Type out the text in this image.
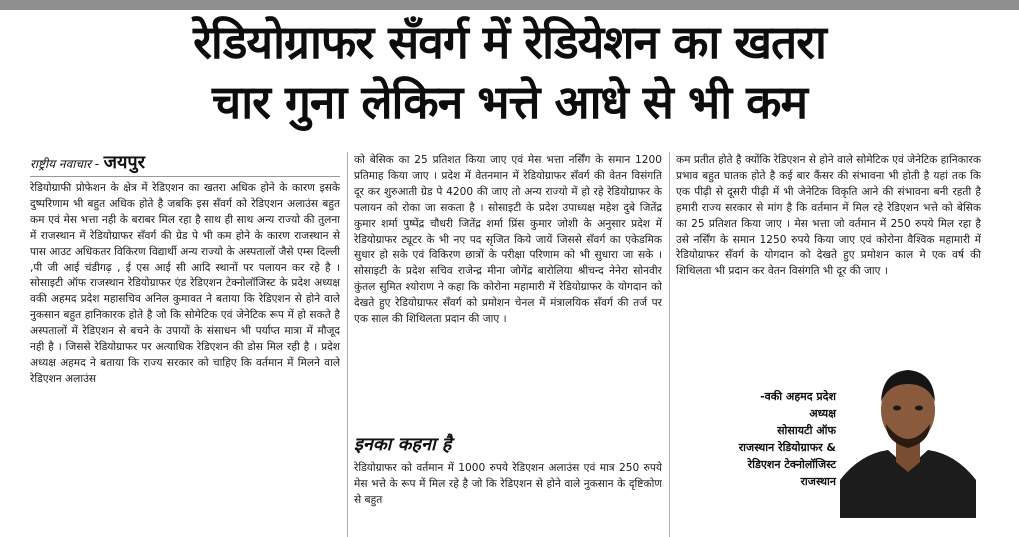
रेडियोग्राफर सँवर्ग में रेडियेशन का खतरा
चार गुना लेकिन भत्ते आधे से भी कम
राष्ट्रीय नवाचार - जयपुर
रेडियोग्राफी प्रोफेशन के क्षेत्र में रेडिएशन का खतरा अधिक होने के कारण इसके दुष्परिणाम भी बहुत अधिक होते है जबकि इस सँवर्ग को रेडिएशन अलाउंस बहुत कम एवं मेस भत्ता नही के बराबर मिल रहा है साथ ही साथ अन्य राज्यो की तुलना में राजस्थान में रेडियोग्राफर सँवर्ग की ग्रेड पे भी कम होने के कारण राजस्थान से पास आउट अधिकतर विकिरण विद्यार्थी अन्य राज्यो के अस्पतालों जैसे एम्स दिल्ली ,पी जी आई चंडीगढ़ , ई एस आई सी आदि स्थानों पर पलायन कर रहे है । सोसाइटी ऑफ राजस्थान रेडियोग्राफर एंड रेडिएशन टेक्नोलॉजिस्ट के प्रदेश अध्यक्ष वकी अहमद प्रदेश महासचिव अनिल कुमावत ने बताया कि रेडिएशन से होने वाले नुकसान बहुत हानिकारक होते है जो कि सोमेटिक एवं जेनेटिक रूप में हो सकते है अस्पतालों में रेडिएशन से बचने के उपायों के संसाधन भी पर्याप्त मात्रा में मौजूद नही है । जिससे रेडियोग्राफर पर अत्याधिक रेडिएशन की डोस मिल रही है । प्रदेश अध्यक्ष अहमद ने बताया कि राज्य सरकार को चाहिए कि वर्तमान में मिलने वाले रेडिएशन अलाउंस
को बेसिक का 25 प्रतिशत किया जाए एवं मेस भत्ता नर्सिंग के समान 1200 प्रतिमाह किया जाए । प्रदेश में वेतनमान में रेडियोग्राफर सँवर्ग की वेतन विसंगति दूर कर शुरुआती ग्रेड पे 4200 की जाए तो अन्य राज्यो में हो रहे रेडियोग्राफर के पलायन को रोका जा सकता है । सोसाइटी के प्रदेश उपाध्यक्ष महेश दुबे जितेंद्र कुमार शर्मा पुष्पेंद्र चौधरी जितेंद्र शर्मा प्रिंस कुमार जोशी के अनुसार प्रदेश में रेडियोग्राफर ट्यूटर के भी नए पद सृजित किये जायें जिससे सँवर्ग का एकेडमिक सुधार हो सके एवं विकिरण छात्रों के परीक्षा परिणाम को भी सुधारा जा सके । सोसाइटी के प्रदेश सचिव राजेन्द्र मीना जोगेंद्र बारोलिया श्रीचन्द नेनेरा सोनवीर कुंतल सुमित श्योराण ने कहा कि कोरोना महामारी में रेडियोग्राफर के योगदान को देखते हुए रेडियोग्राफर सँवर्ग को प्रमोशन चेनल में मंत्रालयिक सँवर्ग की तर्ज पर एक साल की शिथिलता प्रदान की जाए ।
इनका कहना है
रेडियोग्राफर को वर्तमान में 1000 रुपये रेडिएशन अलाउंस एवं मात्र 250 रुपये मेस भत्ते के रूप में मिल रहे है जो कि रेडिएशन से होने वाले नुकसान के दृष्टिकोण से बहुत
कम प्रतीत होते है क्योंकि रेडिएशन से होने वाले सोमेटिक एवं जेनेटिक हानिकारक प्रभाव बहुत घातक होते है कई बार कैंसर की संभावना भी होती है यहां तक कि एक पीढ़ी से दूसरी पीढ़ी में भी जेनेटिक विकृति आने की संभावना बनी रहती है हमारी राज्य सरकार से मांग है कि वर्तमान में मिल रहे रेडिएशन भत्ते को बेसिक का 25 प्रतिशत किया जाए । मेस भत्ता जो वर्तमान में 250 रुपये मिल रहा है उसे नर्सिंग के समान 1250 रुपये किया जाए एवं कोरोना वैश्विक महामारी में रेडियोग्राफर सँवर्ग के योगदान को देखते हुए प्रमोशन काल मे एक वर्ष की शिथिलता भी प्रदान कर वेतन विसंगति भी दूर की जाए ।
-वकी अहमद प्रदेश
अध्यक्ष
सोसायटी ऑफ
राजस्थान रेडियोग्राफर &
रेडिएशन टेक्नोलॉजिस्ट
राजस्थान
